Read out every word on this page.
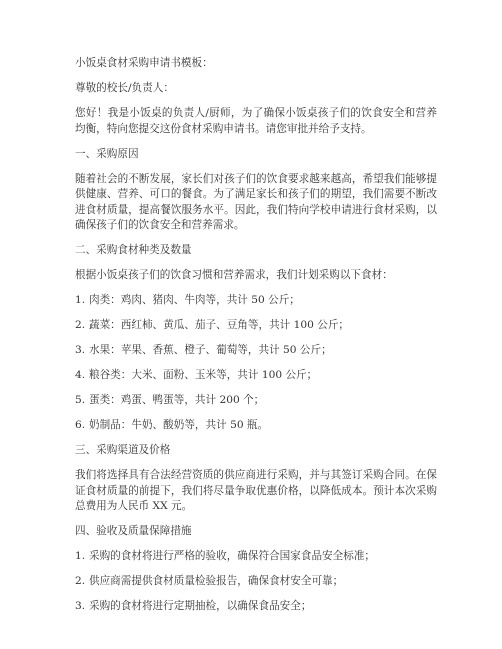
小饭桌食材采购申请书模板：

尊敬的校长/负责人：

您好！我是小饭桌的负责人/厨师，为了确保小饭桌孩子们的饮食安全和营养均衡，特向您提交这份食材采购申请书。请您审批并给予支持。

一、采购原因

随着社会的不断发展，家长们对孩子们的饮食要求越来越高，希望我们能够提供健康、营养、可口的餐食。为了满足家长和孩子们的期望，我们需要不断改进食材质量，提高餐饮服务水平。因此，我们特向学校申请进行食材采购，以确保孩子们的饮食安全和营养需求。

二、采购食材种类及数量

根据小饭桌孩子们的饮食习惯和营养需求，我们计划采购以下食材：

1. 肉类：鸡肉、猪肉、牛肉等，共计 50 公斤；

2. 蔬菜：西红柿、黄瓜、茄子、豆角等，共计 100 公斤；

3. 水果：苹果、香蕉、橙子、葡萄等，共计 50 公斤；

4. 粮谷类：大米、面粉、玉米等，共计 100 公斤；

5. 蛋类：鸡蛋、鸭蛋等，共计 200 个；

6. 奶制品：牛奶、酸奶等，共计 50 瓶。

三、采购渠道及价格

我们将选择具有合法经营资质的供应商进行采购，并与其签订采购合同。在保证食材质量的前提下，我们将尽量争取优惠价格，以降低成本。预计本次采购总费用为人民币 XX 元。

四、验收及质量保障措施

1. 采购的食材将进行严格的验收，确保符合国家食品安全标准；

2. 供应商需提供食材质量检验报告，确保食材安全可靠；

3. 采购的食材将进行定期抽检，以确保食品安全；
